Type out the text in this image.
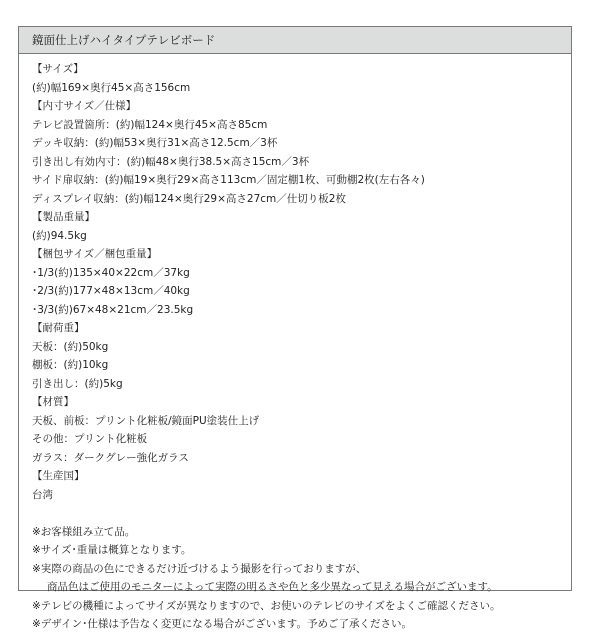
鏡面仕上げハイタイプテレビボード
【サイズ】
(約)幅169×奥行45×高さ156cm
【内寸サイズ／仕様】
テレビ設置箇所：(約)幅124×奥行45×高さ85cm
デッキ収納：(約)幅53×奥行31×高さ12.5cm／3杯
引き出し有効内寸：(約)幅48×奥行38.5×高さ15cm／3杯
サイド扉収納：(約)幅19×奥行29×高さ113cm／固定棚1枚、可動棚2枚(左右各々)
ディスプレイ収納：(約)幅124×奥行29×高さ27cm／仕切り板2枚
【製品重量】
(約)94.5kg
【梱包サイズ／梱包重量】
･1/3(約)135×40×22cm／37kg
･2/3(約)177×48×13cm／40kg
･3/3(約)67×48×21cm／23.5kg
【耐荷重】
天板：(約)50kg
棚板：(約)10kg
引き出し：(約)5kg
【材質】
天板、前板：プリント化粧板/鏡面PU塗装仕上げ
その他：プリント化粧板
ガラス：ダークグレー強化ガラス
【生産国】
台湾
※お客様組み立て品。
※サイズ･重量は概算となります。
※実際の商品の色にできるだけ近づけるよう撮影を行っておりますが、
商品色はご使用のモニターによって実際の明るさや色と多少異なって見える場合がございます。
※テレビの機種によってサイズが異なりますので、お使いのテレビのサイズをよくご確認ください。
※デザイン･仕様は予告なく変更になる場合がございます。予めご了承ください。
